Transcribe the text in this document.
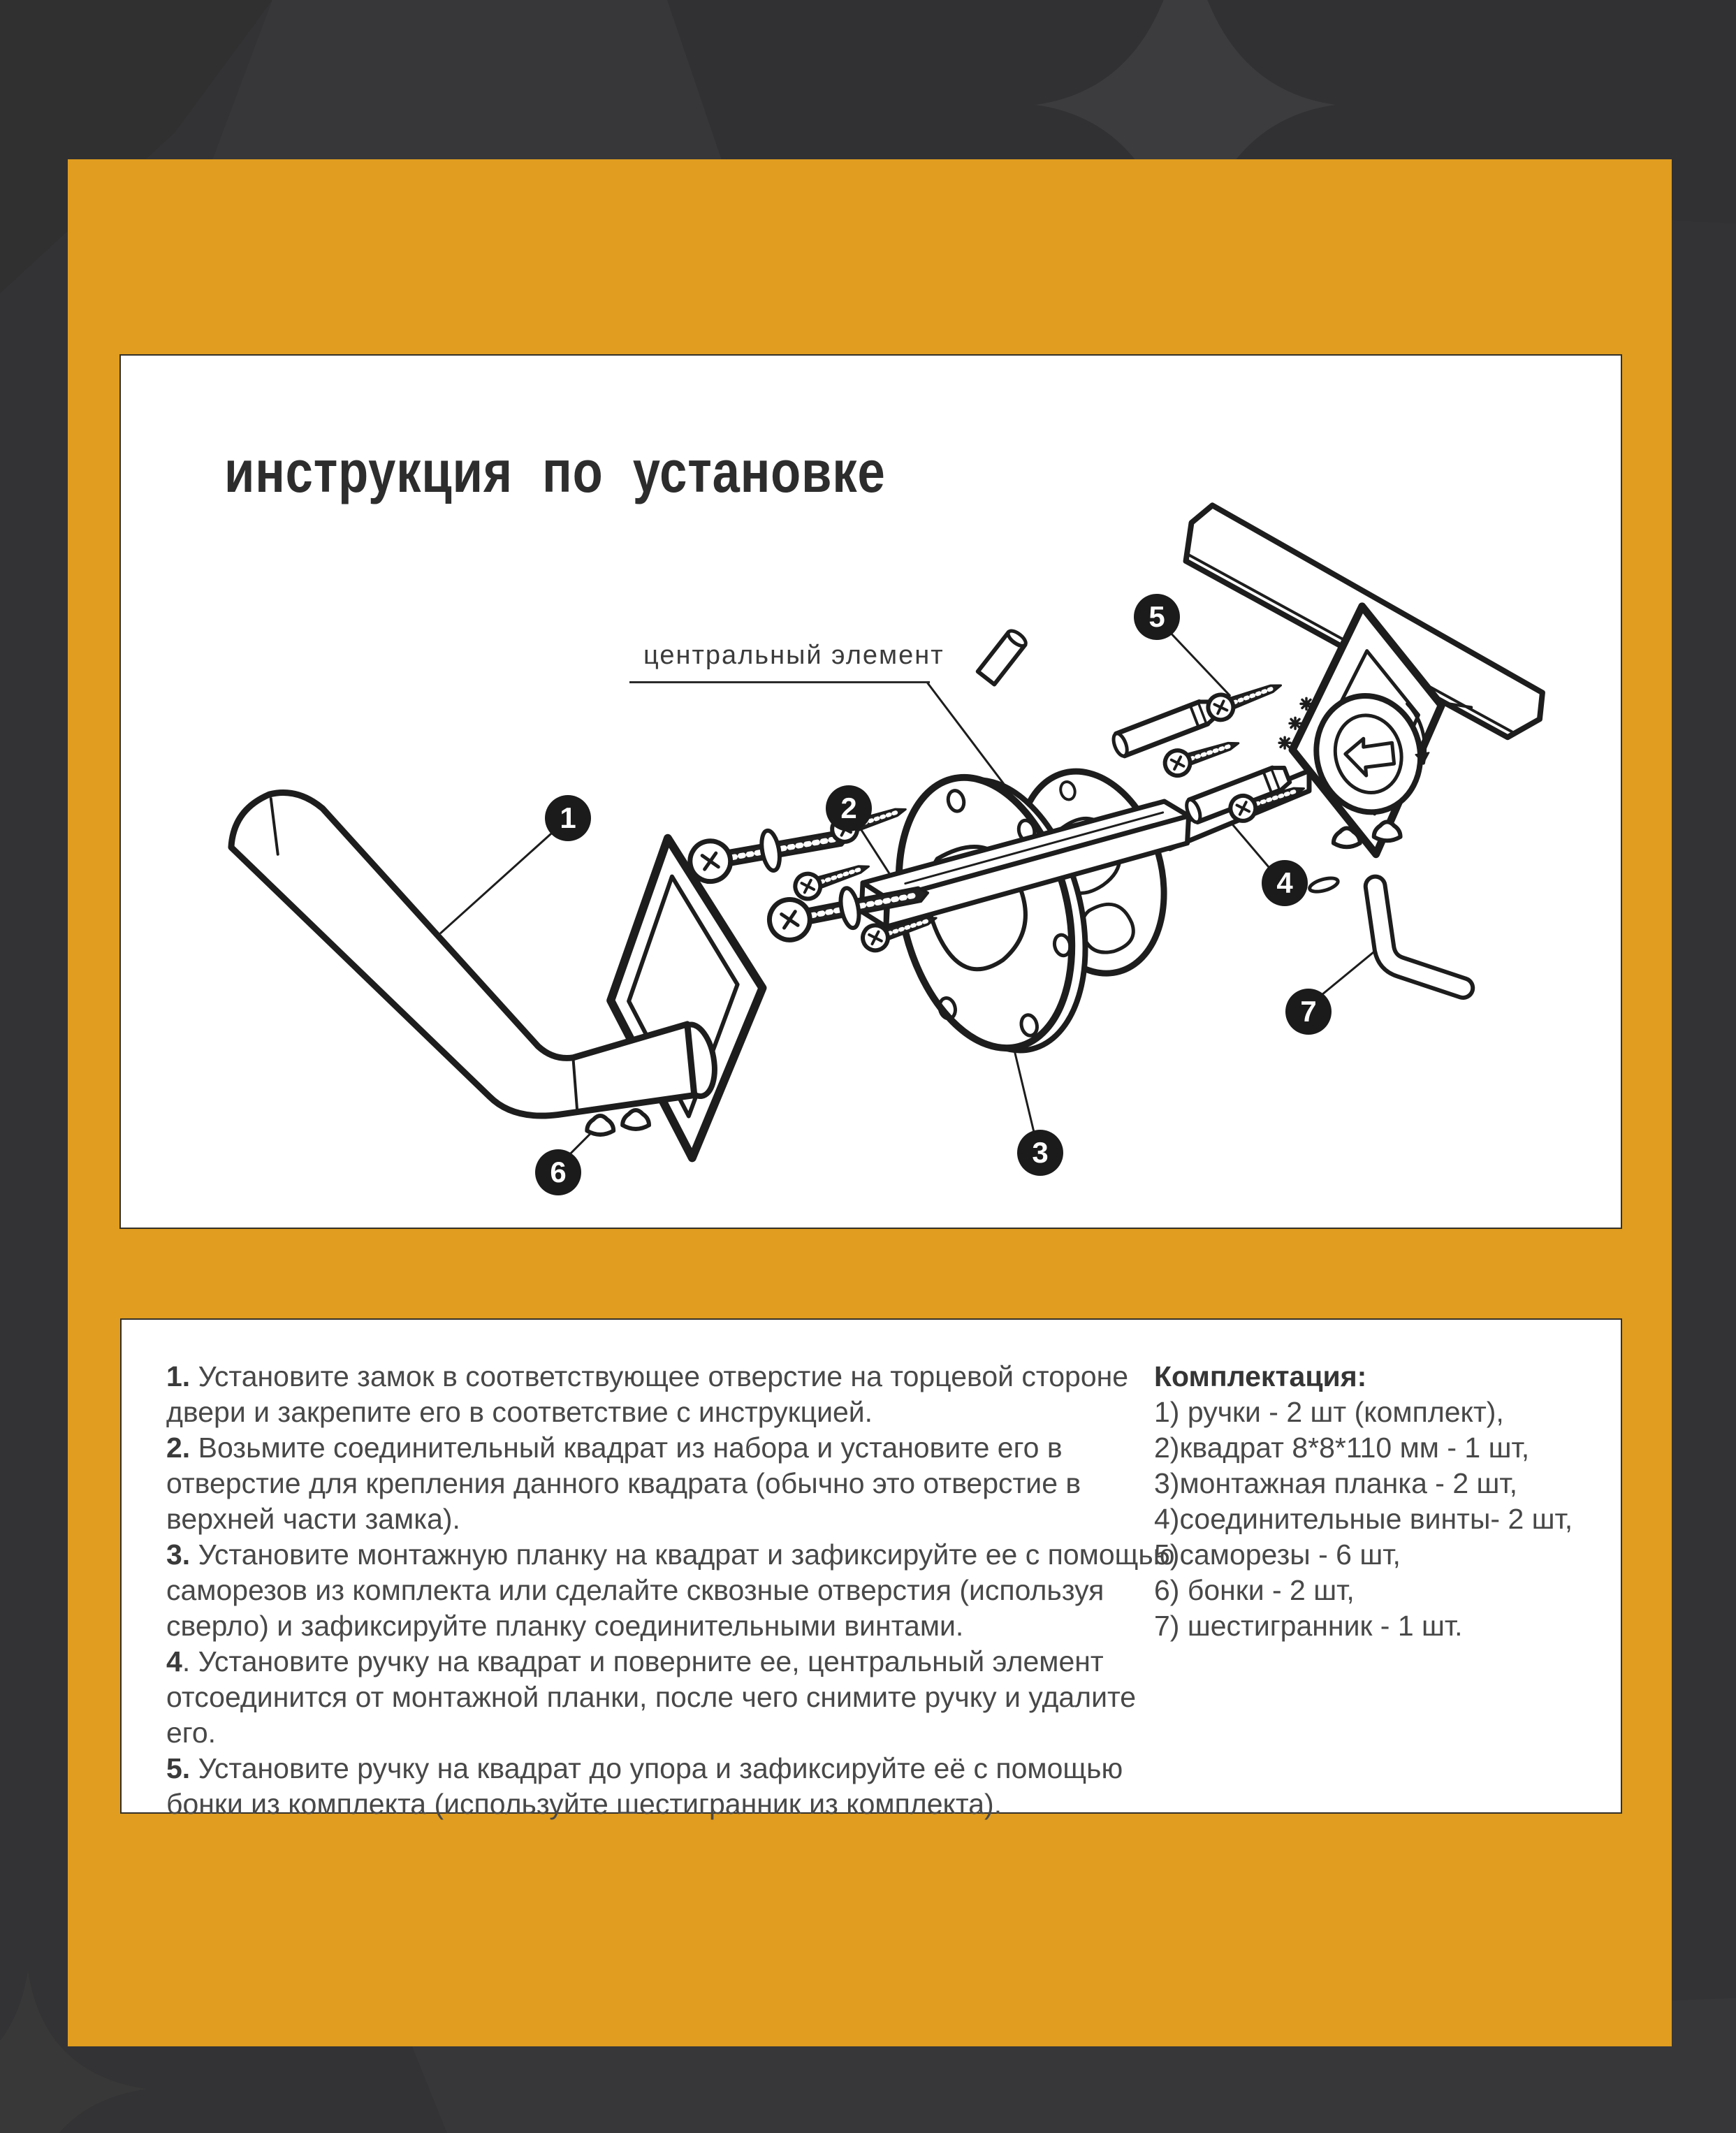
инструкция по установке
центральный элемент
1	2
3
4
5
6
7

1. Установите замок в соответствующее отверстие на торцевой стороне двери и закрепите его в соответствие с инструкцией.

2. Возьмите соединительный квадрат из набора и установите его в отверстие для крепления данного квадрата (обычно это отверстие в верхней части замка).

3. Установите монтажную планку на квадрат и зафиксируйте ее с помощью саморезов из комплекта или сделайте сквозные отверстия (используя сверло) и зафиксируйте планку соединительными винтами.

4. Установите ручку на квадрат и поверните ее, центральный элемент отсоединится от монтажной планки, после чего снимите ручку и удалите его.

5. Установите ручку на квадрат до упора и зафиксируйте её с помощью бонки из комплекта (используйте шестигранник из комплекта).

Комплектация:

1) ручки - 2 шт (комплект),

2)квадрат 8*8*110 мм - 1 шт,

3)монтажная планка - 2 шт,

4)соединительные винты- 2 шт,

5)саморезы - 6 шт,

6) бонки - 2 шт,

7) шестигранник - 1 шт.
